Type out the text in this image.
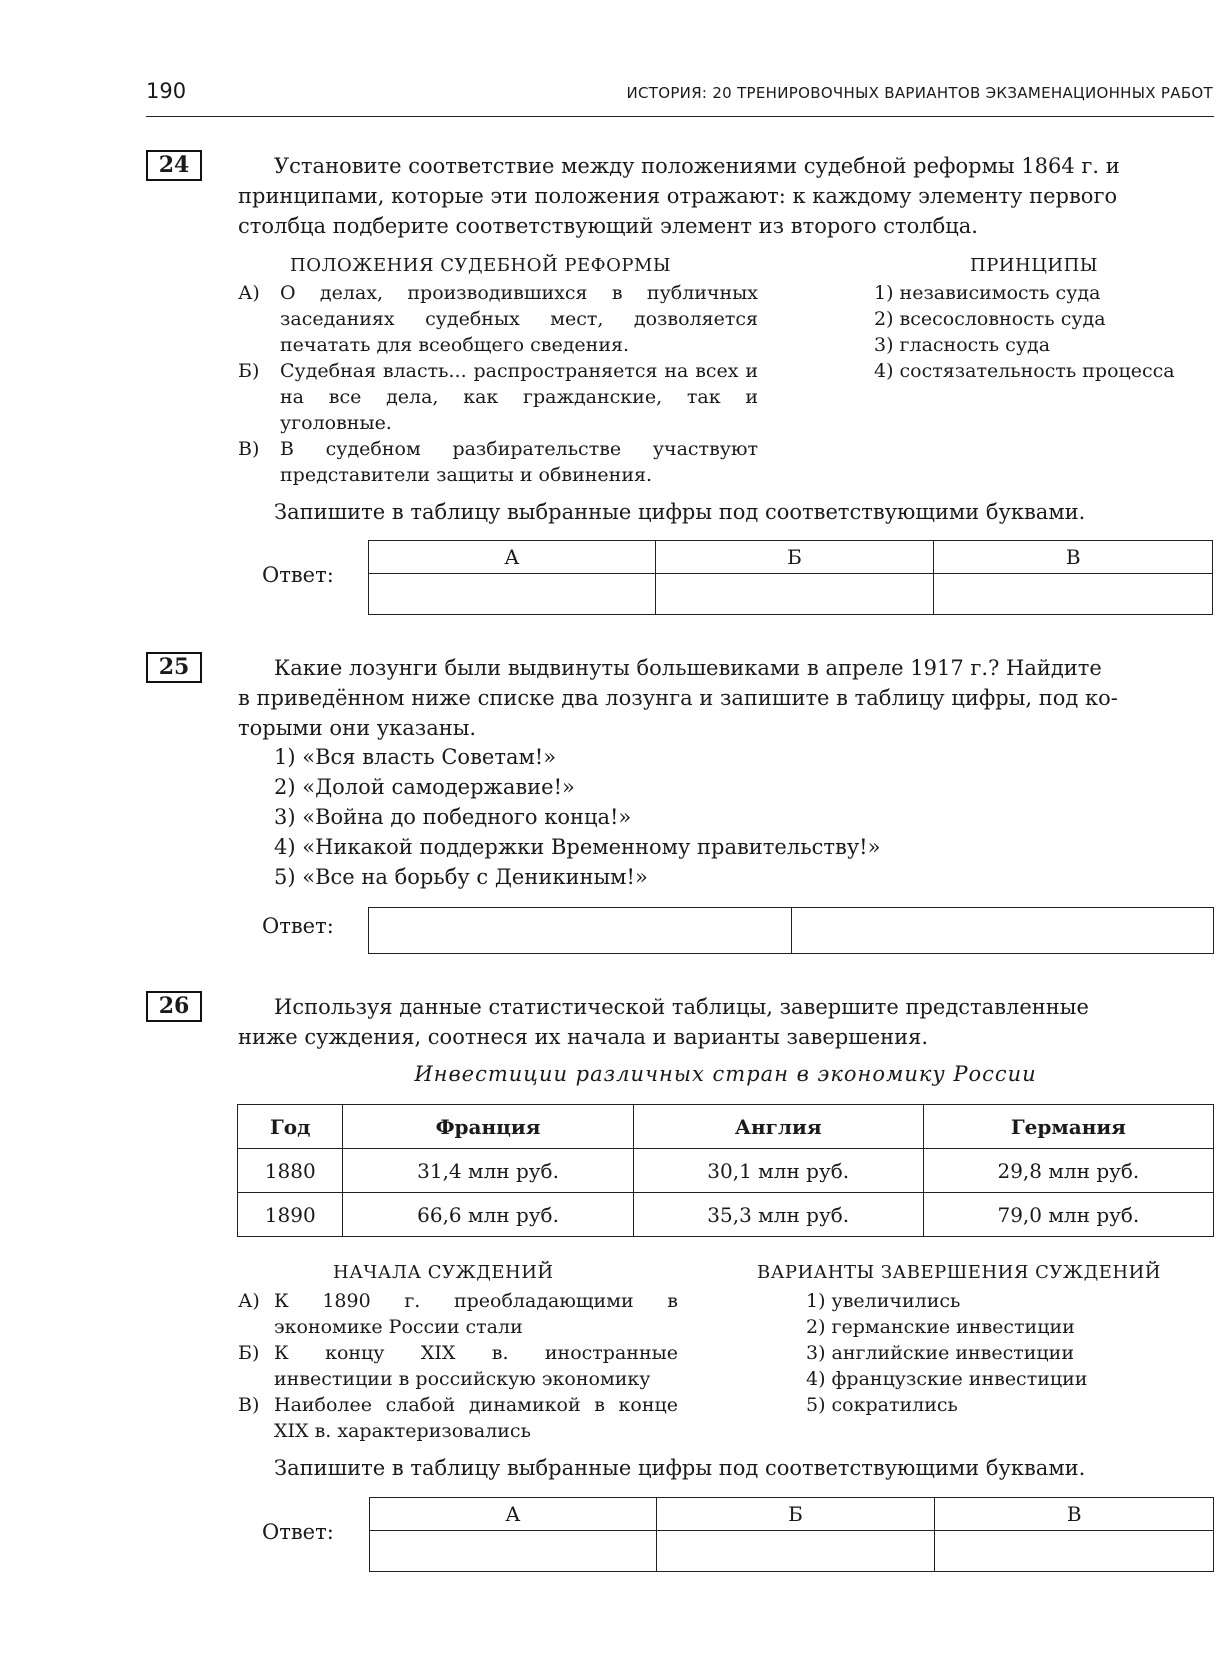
190	ИСТОРИЯ: 20 ТРЕНИРОВОЧНЫХ ВАРИАНТОВ ЭКЗАМЕНАЦИОННЫХ РАБОТ
24	Установите соответствие между положениями судебной реформы 1864 г. и
принципами, которые эти положения отражают: к каждому элементу первого
столбца подберите соответствующий элемент из второго столбца.
ПОЛОЖЕНИЯ СУДЕБНОЙ РЕФОРМЫ	ПРИНЦИПЫ
А) О делах, производившихся в публичных заседаниях судебных мест, дозволяется печатать для всеобщего сведения.
Б) Судебная власть... распространяется на всех и на все дела, как гражданские, так и уголовные.
В) В судебном разбирательстве участвуют представители защиты и обвинения.
1) независимость суда
2) всесословность суда
3) гласность суда
4) состязательность процесса
Запишите в таблицу выбранные цифры под соответствующими буквами.
Ответ:
А	Б	В

25	Какие лозунги были выдвинуты большевиками в апреле 1917 г.? Найдите
в приведённом ниже списке два лозунга и запишите в таблицу цифры, под ко-
торыми они указаны.
1) «Вся власть Советам!»
2) «Долой самодержавие!»
3) «Война до победного конца!»
4) «Никакой поддержки Временному правительству!»
5) «Все на борьбу с Деникиным!»
Ответ:

26	Используя данные статистической таблицы, завершите представленные
ниже суждения, соотнеся их начала и варианты завершения.
Инвестиции различных стран в экономику России
Год	Франция	Англия	Германия
1880	31,4 млн руб.	30,1 млн руб.	29,8 млн руб.
1890	66,6 млн руб.	35,3 млн руб.	79,0 млн руб.
НАЧАЛА СУЖДЕНИЙ	ВАРИАНТЫ ЗАВЕРШЕНИЯ СУЖДЕНИЙ
А) К 1890 г. преобладающими в экономике России стали
Б) К концу XIX в. иностранные инвестиции в российскую экономику
В) Наиболее слабой динамикой в конце XIX в. характеризовались
1) увеличились
2) германские инвестиции
3) английские инвестиции
4) французские инвестиции
5) сократились
Запишите в таблицу выбранные цифры под соответствующими буквами.
Ответ:
А	Б	В
